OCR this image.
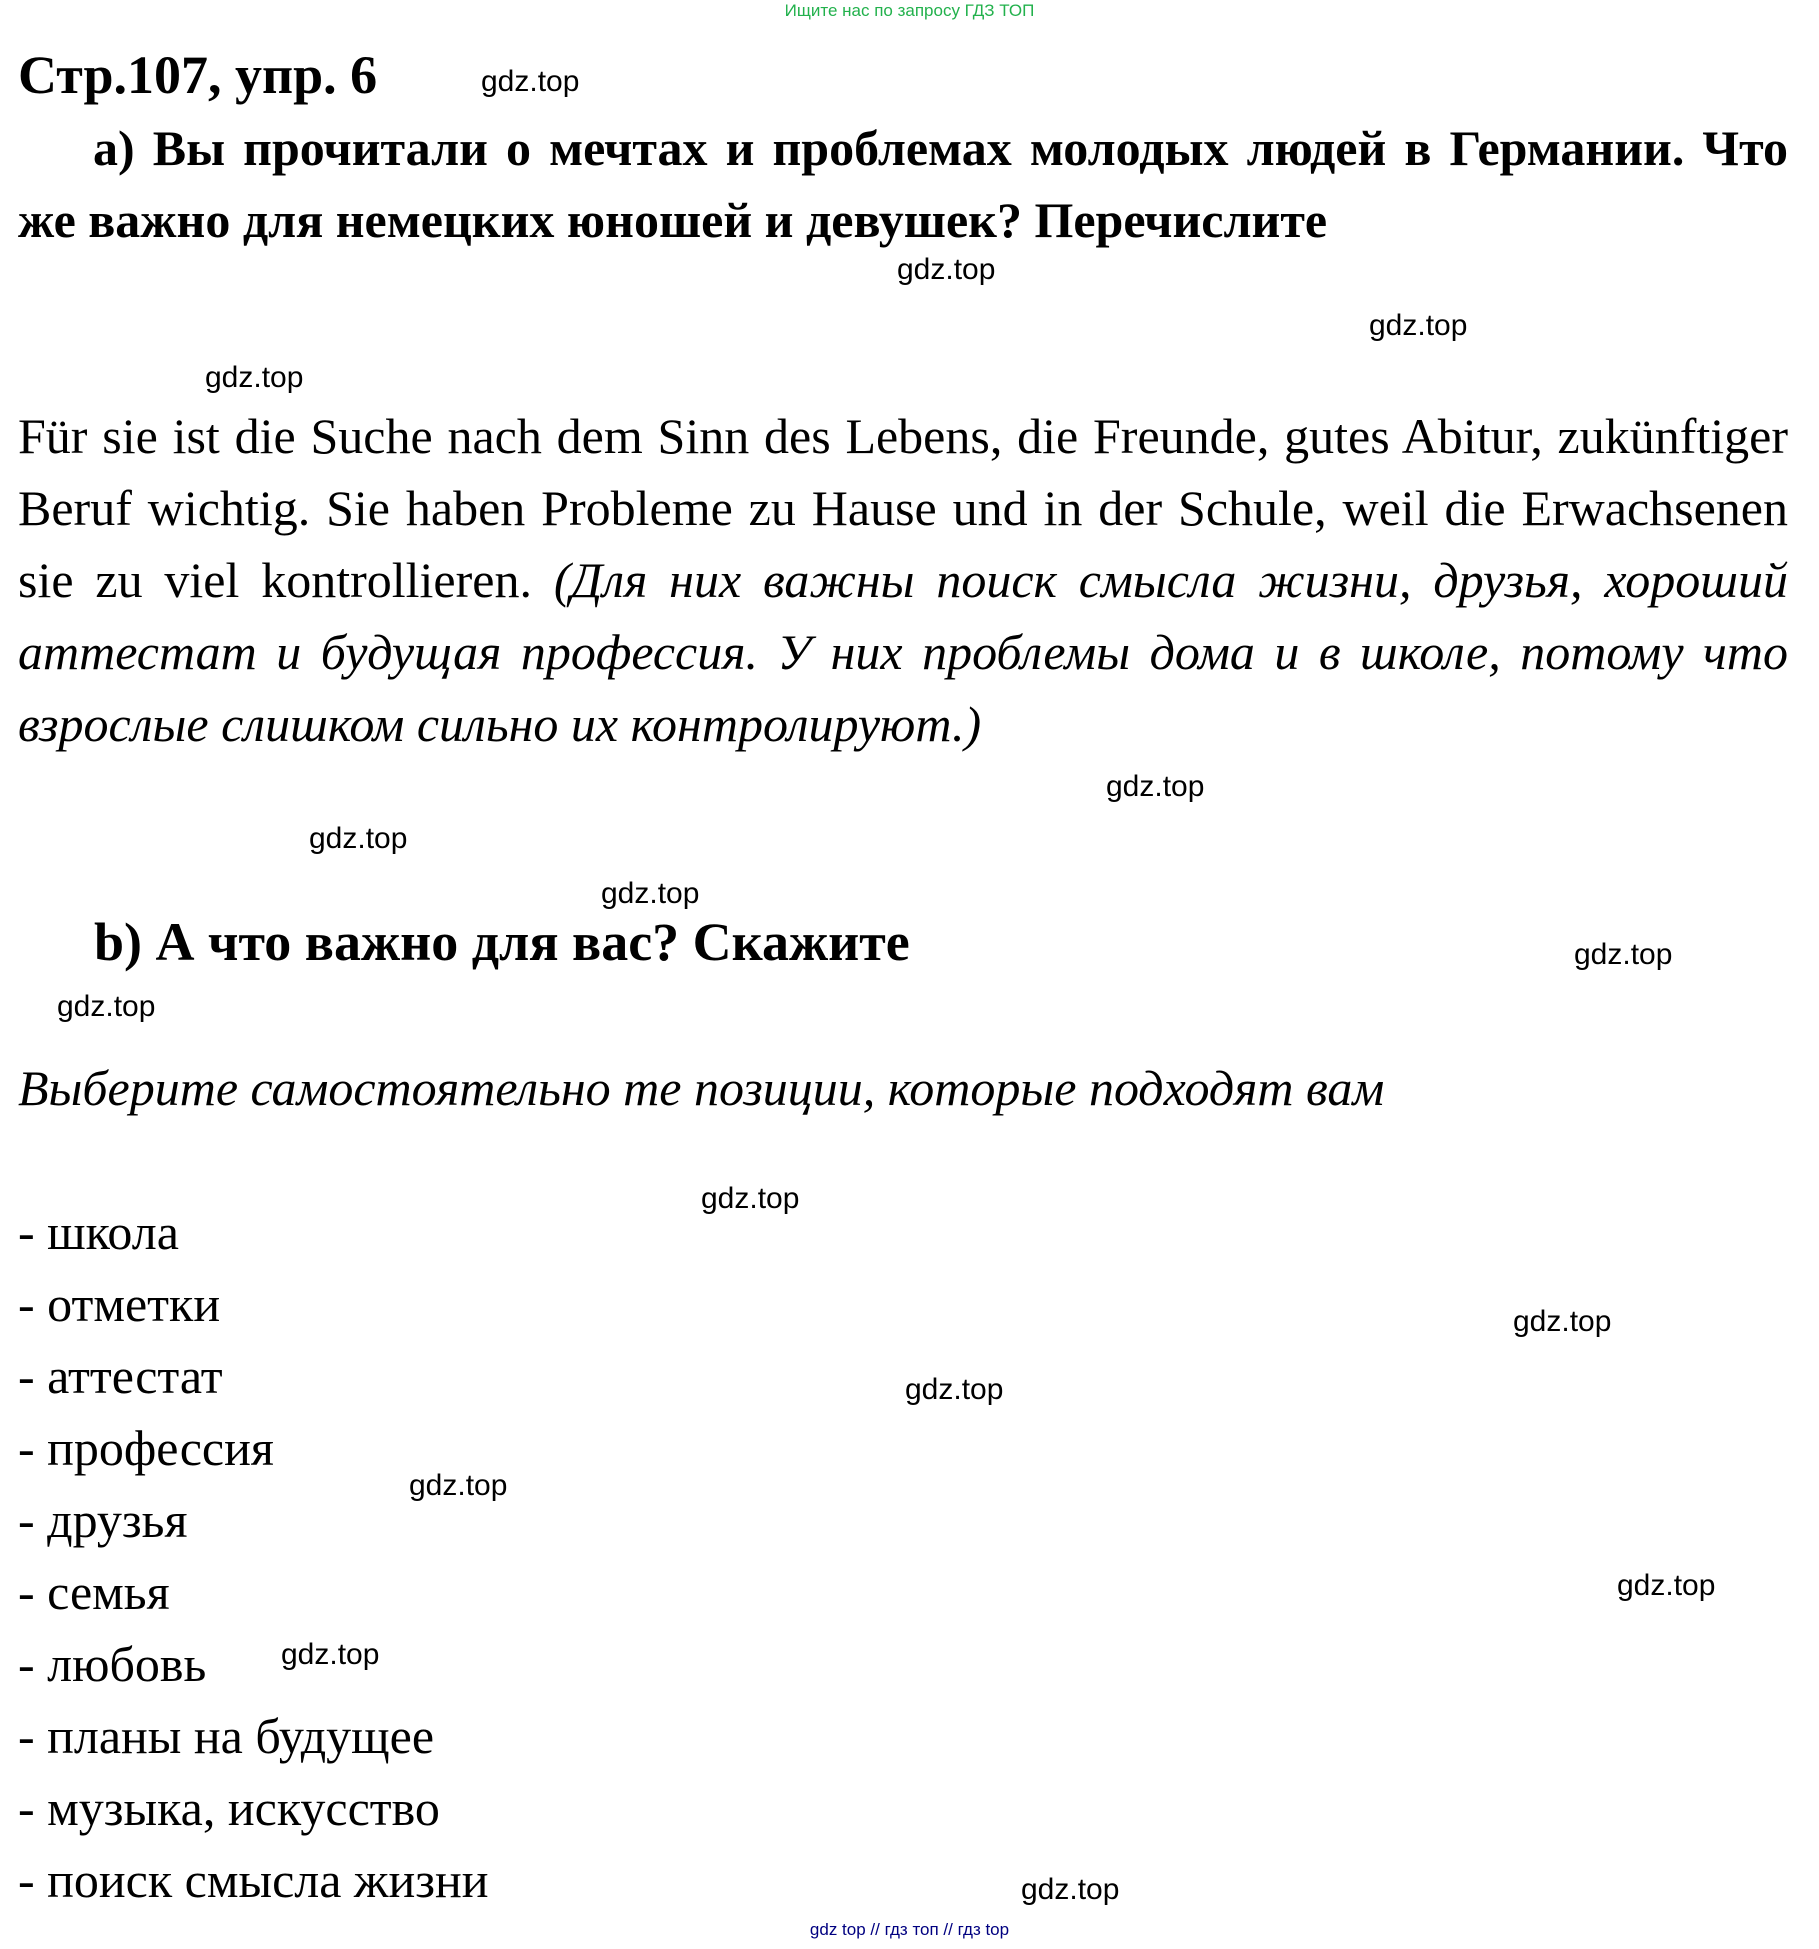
Ищите нас по запросу ГДЗ ТОП
Стр.107, упр. 6
a) Вы прочитали о мечтах и проблемах молодых людей в Германии. Что же важно для немецких юношей и девушек? Перечислите
Für sie ist die Suche nach dem Sinn des Lebens, die Freunde, gutes Abitur, zukünftiger Beruf wichtig. Sie haben Probleme zu Hause und in der Schule, weil die Erwachsenen sie zu viel kontrollieren. (Для них важны поиск смысла жизни, друзья, хороший аттестат и будущая профессия. У них проблемы дома и в школе, потому что взрослые слишком сильно их контролируют.)
b) А что важно для вас? Скажите
Выберите самостоятельно те позиции, которые подходят вам
- школа
- отметки
- аттестат
- профессия
- друзья
- семья
- любовь
- планы на будущее
- музыка, искусство
- поиск смысла жизни
gdz.top
gdz.top
gdz.top
gdz.top
gdz.top
gdz.top
gdz.top
gdz.top
gdz.top
gdz.top
gdz.top
gdz.top
gdz.top
gdz.top
gdz.top
gdz.top
gdz top // гдз топ // гдз top
